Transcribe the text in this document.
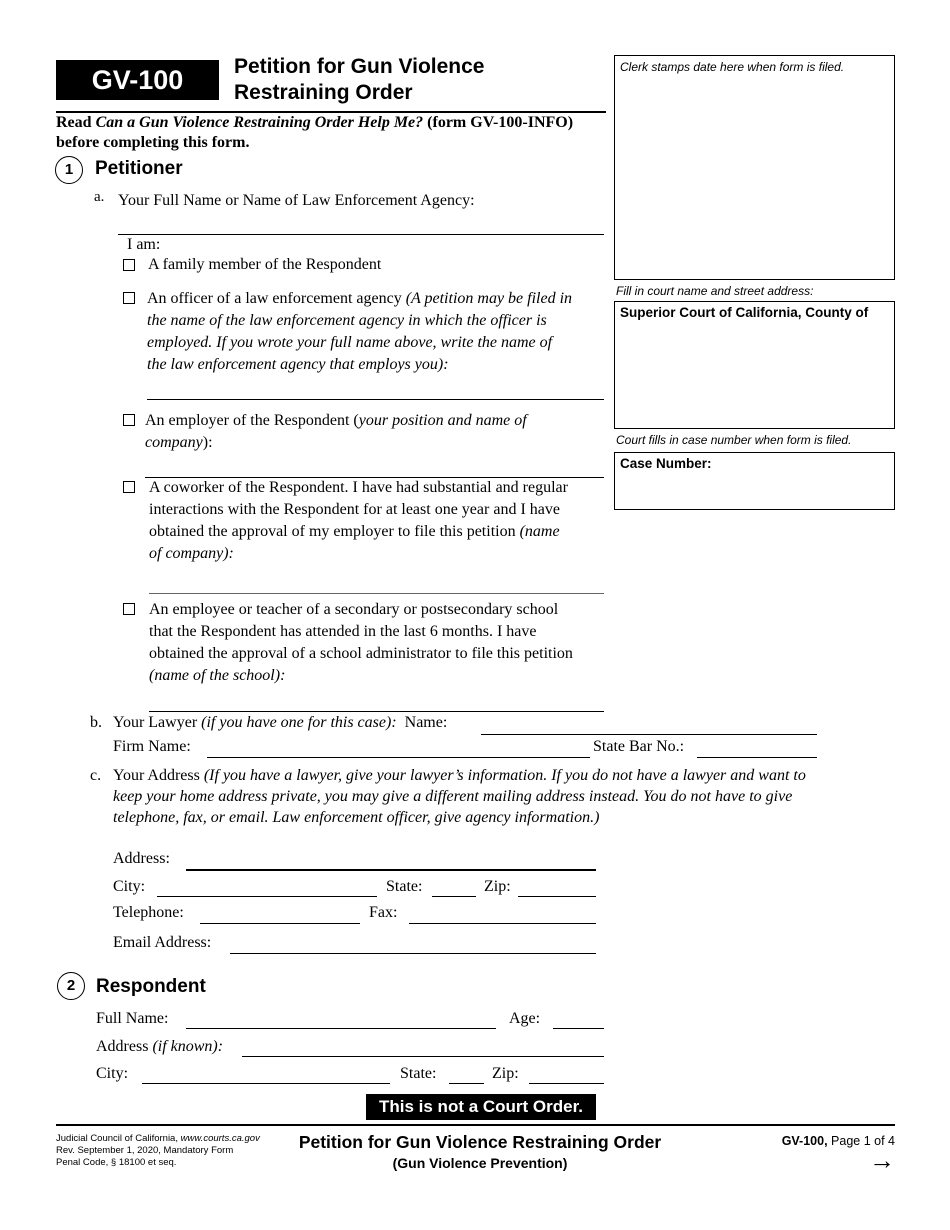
GV-100	Petition for Gun Violence
Restraining Order
Read Can a Gun Violence Restraining Order Help Me? (form GV-100-INFO)
before completing this form.
Clerk stamps date here when form is filed.
Fill in court name and street address:
Superior Court of California, County of
Court fills in case number when form is filed.
Case Number:
1	Petitioner
a. Your Full Name or Name of Law Enforcement Agency:
I am:
A family member of the Respondent
An officer of a law enforcement agency (A petition may be filed in
the name of the law enforcement agency in which the officer is
employed. If you wrote your full name above, write the name of
the law enforcement agency that employs you):
An employer of the Respondent (your position and name of
company):
A coworker of the Respondent. I have had substantial and regular
interactions with the Respondent for at least one year and I have
obtained the approval of my employer to file this petition (name
of company):
An employee or teacher of a secondary or postsecondary school
that the Respondent has attended in the last 6 months. I have
obtained the approval of a school administrator to file this petition
(name of the school):
b. Your Lawyer (if you have one for this case): Name:
Firm Name:	State Bar No.:
c. Your Address (If you have a lawyer, give your lawyer’s information. If you do not have a lawyer and want to
keep your home address private, you may give a different mailing address instead. You do not have to give
telephone, fax, or email. Law enforcement officer, give agency information.)
Address:
City:	State:	Zip:
Telephone:	Fax:
Email Address:
2	Respondent
Full Name:	Age:
Address (if known):
City:	State:	Zip:
This is not a Court Order.
Judicial Council of California, www.courts.ca.gov
Rev. September 1, 2020, Mandatory Form
Penal Code, § 18100 et seq.
Petition for Gun Violence Restraining Order
(Gun Violence Prevention)
GV-100, Page 1 of 4
→
